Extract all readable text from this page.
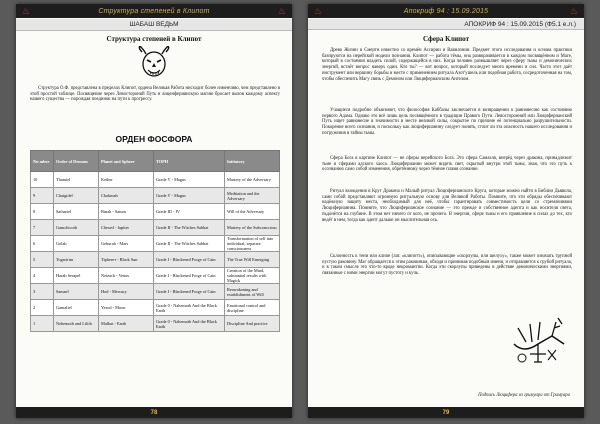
♨	Структура степеней в Клипот	♨
ШАБАШ ВЕДЬМ
Структура степеней в Клипот
Структура О.Ф. представлена в пределах Клипот, ордена Великая Работа нисходит более изменчиво, чем представлено в этой простой таблице. Посвящение через Левостороний Путь и лиценфериянскую магию бросает вызов каждому аспекту нашего существа — порождая поединок на пути к прогрессу.
ОРДЕН ФОСФОРА
Nu mber	Order of Demons	Planet and Sphere	TOPH	Initiatory
10	Thamiel	Kether	Grade V - Magus	Mastery of the Adversary
9	Chaigidel	Chokmah	Grade V - Magus	Meditation and the Adversary
8	Sathariel	Binah - Saturn	Grade III - IV	Will of the Adversary
7	Gamchicoth	Chesed - Jupiter	Grade II - The Witches Sabbat	Mastery of the Subconscious
6	Golab	Geburah - Mars	Grade II - The Witches Sabbat	Transformation of self into individual, separate consciousness
5	Togaririm	Tiphereт - Black Sun	Grade I - Blackened Forge of Cain	The True Will Emerging
4	Harab Serapel	Netzach - Venus	Grade I - Blackened Forge of Cain	Creation of the Mind, substantial results with Magick
3	Samael	Hod - Mercury	Grade I - Blackened Forge of Cain	Reawakening and establishment of Will
2	Gamaliel	Yesod - Moon	Grade 0 - Nahemoth And the Black Earth	Emotional control and discipline
1	Nehemoth and Lilith	Malkut - Earth	Grade 0 - Nahemoth And the Black Earth	Discipline And practice
78
♨	Апокриф 94 : 15.09.2015	♨
АПОКРИФ 94 : 15.09.2015 (Ф5.1 е.л.)
Сфера Клипот
Древо Жизни и Смерти известно со времён Ассирии и Вавилонии. Предмет этого исследования и основа практики базируются на иерейской модели познания. Клипот — работа тёмы, она разворачивается в каждом посвящённом и Маге, который в состоянии владеть силой, содержащейся в них. Когда человек размышляет через сферу тьмы и демонических энергий, встаёт вопрос наверх один. Кто ты? — вот вопрос, который последует много времени и сил. Часто этот даёт инструмент или вершину борьбы и место с применением ритуала Азот'ушель или подобная работа, сосредоточенная на том, чтобы обеспечить Магу связь с Демоном или Люциферианским Ангелом.
Учащиеся подробно объясняют, что философия Каббалы заключается в возвращении к равновесию как состоянию первого Адама. Однако это всё лишь цель посвящённого в традиции Правого Пути. Левосторонний или Люциферианский Путь ищет равновесие в значимости в месте великой силы, сокрытое по причине её потенциально разрушительности. Покорение всего сознания, и поскольку как люциферианину следует понять, стоит ли эта опасность нашего исследования и погружения в тайны тьмы.
Сфера Бога в картине Клипот — не сферы иерейского Бога. Это сфера Самаэля, вперёд через дракона, принадлежит тьме и сферами адского хаоса. Люциферианин может видеть свет, скрытый внутри этой тьмы, зная, что это путь к осознанию само собой изменения, обретённому через тёмное пламя сознание.
Ритуал вхождения в Круг Дракона и Малый ритуал Люциферианского Круга, которые можно найти в Библии Дьявола, сами собой представляют огромную ритуальную основу для Великой Работы. Помните, что эти обряды обеспечивают надёжную защиту места, необходимый для неё, чтобы гарантировать совместимость цели со стремлениями Люциферианина. Помните, что Люциферианское сознание — это прежде и собственное адепта и как носителя света, пьдонётся на глубине. В этом нет ничего от кого, не прочего. В энергии, сфере тьмы и его проявление в силах до тех, кто ведёт в нем, тогда как адепт дальше он мыслительная ось.
Склонность к тени или клипе (лат. «клипотт»), описывающие «скорлупы, или шелуху», также может означать трупной пустую раковину. Маг обращается к этим раковинам, обходя и принимая подобным имени, и отправляется к грубой ритуала, и в таком смысле это что-то вроде некромантии. Когда эти скорлупы приведены в действие демоническими энергиями, связанные с ними энергии могут пустоту и кучь.
Подпись Люцифера из гримуара от Гримуара
79
